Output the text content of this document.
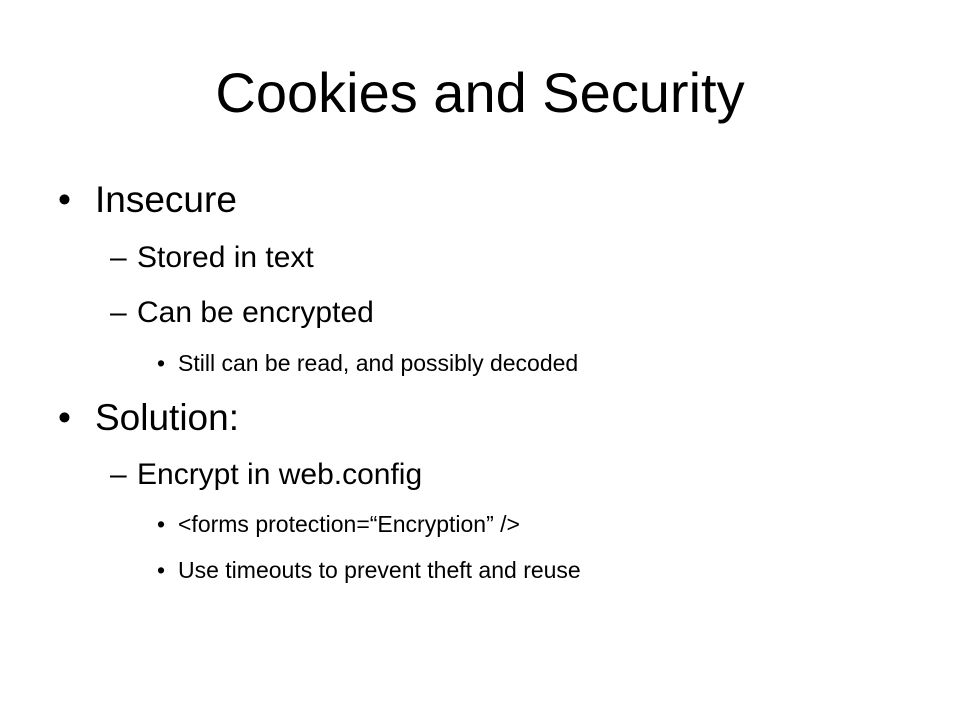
Cookies and Security
• Insecure
– Stored in text
– Can be encrypted
• Still can be read, and possibly decoded
• Solution:
– Encrypt in web.config
• <forms protection=“Encryption” />
• Use timeouts to prevent theft and reuse
